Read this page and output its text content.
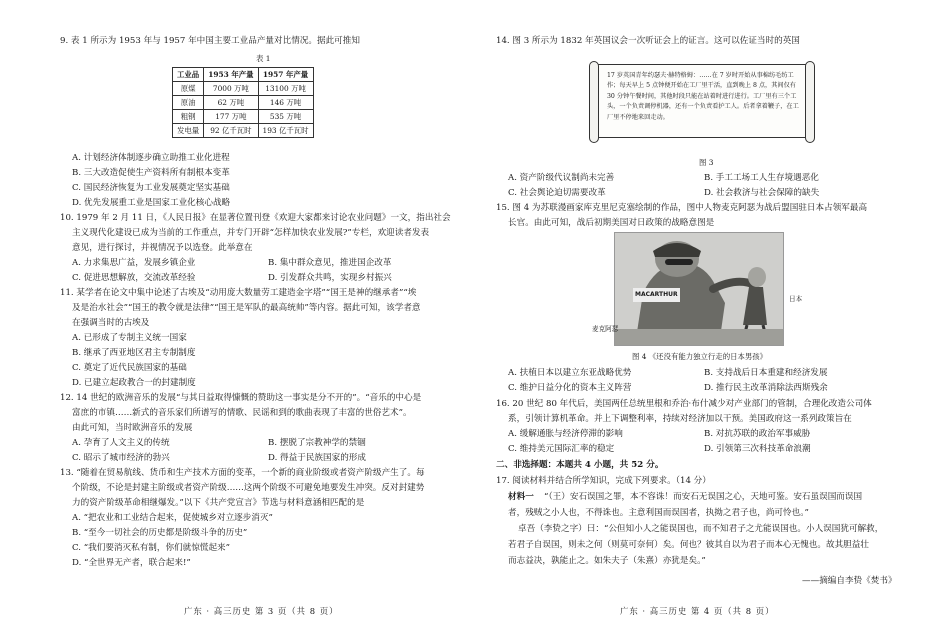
9. 表 1 所示为 1953 年与 1957 年中国主要工业品产量对比情况。据此可推知
表 1
工业品	1953 年产量	1957 年产量
原煤	7000 万吨	13100 万吨
原油	62 万吨	146 万吨
粗钢	177 万吨	535 万吨
发电量	92 亿千瓦时	193 亿千瓦时
A. 计划经济体制逐步确立助推工业化进程
B. 三大改造促使生产资料所有制根本变革
C. 国民经济恢复为工业发展奠定坚实基础
D. 优先发展重工业是国家工业化核心战略
10. 1979 年 2 月 11 日，《人民日报》在显著位置刊登《欢迎大家都来讨论农业问题》一文，指出社会
主义现代化建设已成为当前的工作重点，并专门开辟“怎样加快农业发展?”专栏，欢迎读者发表
意见，进行探讨，并视情况予以选登。此举意在
A. 力求集思广益，发展乡镇企业	B. 集中群众意见，推进国企改革
C. 促进思想解放，交流改革经验	D. 引发群众共鸣，实现乡村振兴
11. 某学者在论文中集中论述了古埃及“动用庞大数量劳工建造金字塔”“国王是神的继承者”“埃
及是治水社会”“国王的教令就是法律”“国王是军队的最高统帅”等内容。据此可知，该学者意
在强调当时的古埃及
A. 已形成了专制主义统一国家
B. 继承了西亚地区君主专制制度
C. 奠定了近代民族国家的基础
D. 已建立起政教合一的封建制度
12. 14 世纪的欧洲音乐的发展“与其日益取得慷慨的赞助这一事实是分不开的”。“音乐的中心是
富庶的市镇……新式的音乐家们所谱写的情歌、民谣和到的歌曲表现了丰富的世俗艺术”。
由此可知，当时欧洲音乐的发展
A. 孕育了人文主义的传统	B. 摆脱了宗教神学的禁锢
C. 昭示了城市经济的勃兴	D. 得益于民族国家的形成
13. “随着在贸易航线、货币和生产技术方面的变革，一个新的商业阶级或者资产阶级产生了。每
个阶级，不论是封建主阶级或者资产阶级……这两个阶级不可避免地要发生冲突。反对封建势
力的资产阶级革命相继爆发。”以下《共产党宣言》节选与材料意涵相匹配的是
A. “把农业和工业结合起来，促使城乡对立逐步消灭”
B. “至今一切社会的历史都是阶级斗争的历史”
C. “我们要消灭私有制，你们就惊慌起来”
D. “全世界无产者，联合起来!”
广东 · 高三历史 第 3 页（共 8 页）
14. 图 3 所示为 1832 年英国议会一次听证会上的证言。这可以佐证当时的英国
17 岁英国青年约瑟夫·赫特格姆：……在 7 岁时开始从事棉纺毛纺工作；每天早上 5 点钟便开始在工厂里干活，直到晚上 8 点，其间仅有 30 分钟午餐时间，其他时段只能在站着时进行进行。工厂里有三个工头，一个负责调停机器，还有一个负责看护工人。后者拿着鞭子，在工厂里不停地来回走动。
图 3
A. 资产阶级代议制尚未完善	B. 手工工场工人生存境遇恶化
C. 社会舆论迫切需要改革	D. 社会救济与社会保障的缺失
15. 图 4 为苏联漫画家库克里尼克塞绘制的作品，图中人物麦克阿瑟为战后盟国驻日本占领军最高
长官。由此可知，战后初期美国对日政策的战略意图是
MACARTHUR
日本
麦克阿瑟
图 4 《还没有能力独立行走的日本男孩》
A. 扶植日本以建立东亚战略优势	B. 支持战后日本重建和经济发展
C. 维护日益分化的资本主义阵营	D. 推行民主改革消除法西斯残余
16. 20 世纪 80 年代后，美国两任总统里根和乔治·布什减少对产业部门的管制，合理化改造公司体
系，引领计算机革命。并上下调整利率，持续对经济加以干预。美国政府这一系列政策旨在
A. 缓解通胀与经济停滞的影响	B. 对抗苏联的政治军事威胁
C. 维持美元国际汇率的稳定	D. 引领第三次科技革命浪潮
二、非选择题：本题共 4 小题，共 52 分。
17. 阅读材料并结合所学知识，完成下列要求。（14 分）
材料一 “（王）安石误国之罪，本不容诛！而安石无误国之心，天地可鉴。安石虽误国而误国
者，残贼之小人也，不得诛也。主意利国而误国者，执拗之君子也，尚可怜也。”
卓吾（李贽之字）曰：“公但知小人之能误国也，而不知君子之尤能误国也。小人误国犹可解救，
若君子自误国，则未之何（则莫可奈何）矣。何也？彼其自以为君子而本心无愧也。故其胆益壮
而志益决，孰能止之。如朱夫子（朱熹）亦犹是矣。”
——摘编自李贽《焚书》
广东 · 高三历史 第 4 页（共 8 页）
